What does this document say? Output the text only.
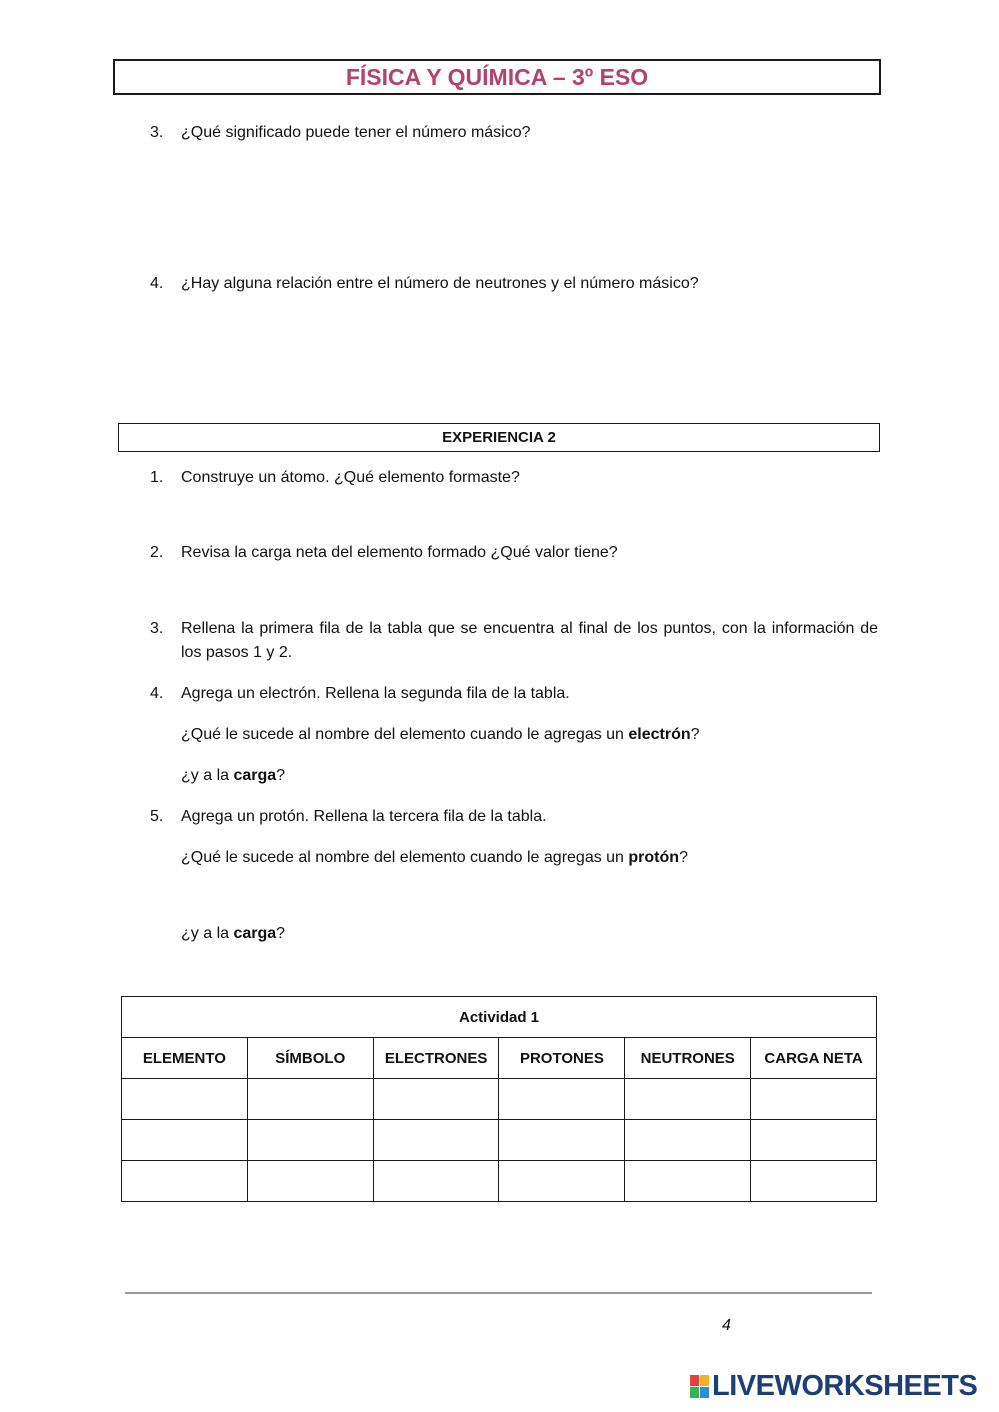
FÍSICA Y QUÍMICA – 3º ESO
3.	¿Qué significado puede tener el número másico?
4.	¿Hay alguna relación entre el número de neutrones y el número másico?
EXPERIENCIA 2
1.	Construye un átomo. ¿Qué elemento formaste?
2.	Revisa la carga neta del elemento formado ¿Qué valor tiene?
3.	Rellena la primera fila de la tabla que se encuentra al final de los puntos, con la información de los pasos 1 y 2.
4.	Agrega un electrón. Rellena la segunda fila de la tabla.
¿Qué le sucede al nombre del elemento cuando le agregas un electrón?
¿y a la carga?
5.	Agrega un protón. Rellena la tercera fila de la tabla.
¿Qué le sucede al nombre del elemento cuando le agregas un protón?
¿y a la carga?
Actividad 1					
ELEMENTO	SÍMBOLO	ELECTRONES	PROTONES	NEUTRONES	CARGA NETA

4
LIVEWORKSHEETS
